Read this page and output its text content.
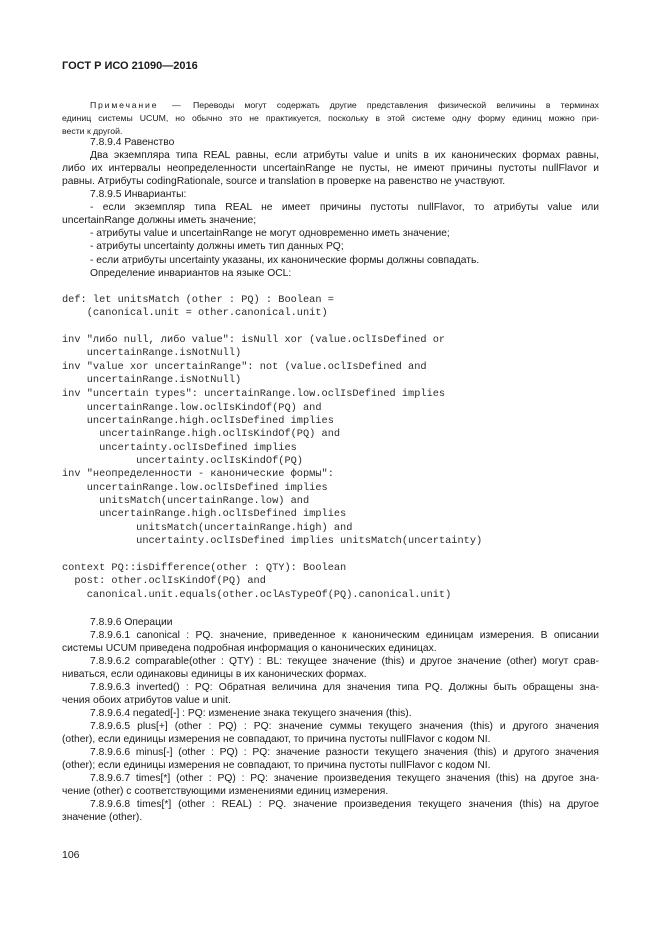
ГОСТ Р ИСО 21090—2016
Примечание — Переводы могут содержать другие представления физической величины в терминах
единиц системы UCUM, но обычно это не практикуется, поскольку в этой системе одну форму единиц можно при-
вести к другой.
7.8.9.4 Равенство
Два экземпляра типа REAL равны, если атрибуты value и units в их канонических формах равны,
либо их интервалы неопределенности uncertainRange не пусты, не имеют причины пустоты nullFlavor и
равны. Атрибуты codingRationale, source и translation в проверке на равенство не участвуют.
7.8.9.5 Инварианты:
- если экземпляр типа REAL не имеет причины пустоты nullFlavor, то атрибуты value или
uncertainRange должны иметь значение;
- атрибуты value и uncertainRange не могут одновременно иметь значение;
- атрибуты uncertainty должны иметь тип данных PQ;
- если атрибуты uncertainty указаны, их канонические формы должны совпадать.
Определение инвариантов на языке OCL:
def: let unitsMatch (other : PQ) : Boolean =
(canonical.unit = other.canonical.unit)
inv "либо null, либо value": isNull xor (value.oclIsDefined or
uncertainRange.isNotNull)
inv "value xor uncertainRange": not (value.oclIsDefined and
uncertainRange.isNotNull)
inv "uncertain types": uncertainRange.low.oclIsDefined implies
uncertainRange.low.oclIsKindOf(PQ) and
uncertainRange.high.oclIsDefined implies
uncertainRange.high.oclIsKindOf(PQ) and
uncertainty.oclIsDefined implies
uncertainty.oclIsKindOf(PQ)
inv "неопределенности - канонические формы":
uncertainRange.low.oclIsDefined implies
unitsMatch(uncertainRange.low) and
uncertainRange.high.oclIsDefined implies
unitsMatch(uncertainRange.high) and
uncertainty.oclIsDefined implies unitsMatch(uncertainty)
context PQ::isDifference(other : QTY): Boolean
post: other.oclIsKindOf(PQ) and
canonical.unit.equals(other.oclAsTypeOf(PQ).canonical.unit)
7.8.9.6 Операции
7.8.9.6.1 canonical : PQ. значение, приведенное к каноническим единицам измерения. В описании
системы UCUM приведена подробная информация о канонических единицах.
7.8.9.6.2 comparable(other : QTY) : BL: текущее значение (this) и другое значение (other) могут срав-
ниваться, если одинаковы единицы в их канонических формах.
7.8.9.6.3 inverted() : PQ: Обратная величина для значения типа PQ. Должны быть обращены зна-
чения обоих атрибутов value и unit.
7.8.9.6.4 negated[-] : PQ: изменение знака текущего значения (this).
7.8.9.6.5 plus[+] (other : PQ) : PQ: значение суммы текущего значения (this) и другого значения
(other), если единицы измерения не совпадают, то причина пустоты nullFlavor с кодом NI.
7.8.9.6.6 minus[-] (other : PQ) : PQ: значение разности текущего значения (this) и другого значения
(other); если единицы измерения не совпадают, то причина пустоты nullFlavor с кодом NI.
7.8.9.6.7 times[*] (other : PQ) : PQ: значение произведения текущего значения (this) на другое зна-
чение (other) с соответствующими изменениями единиц измерения.
7.8.9.6.8 times[*] (other : REAL) : PQ. значение произведения текущего значения (this) на другое
значение (other).
106
